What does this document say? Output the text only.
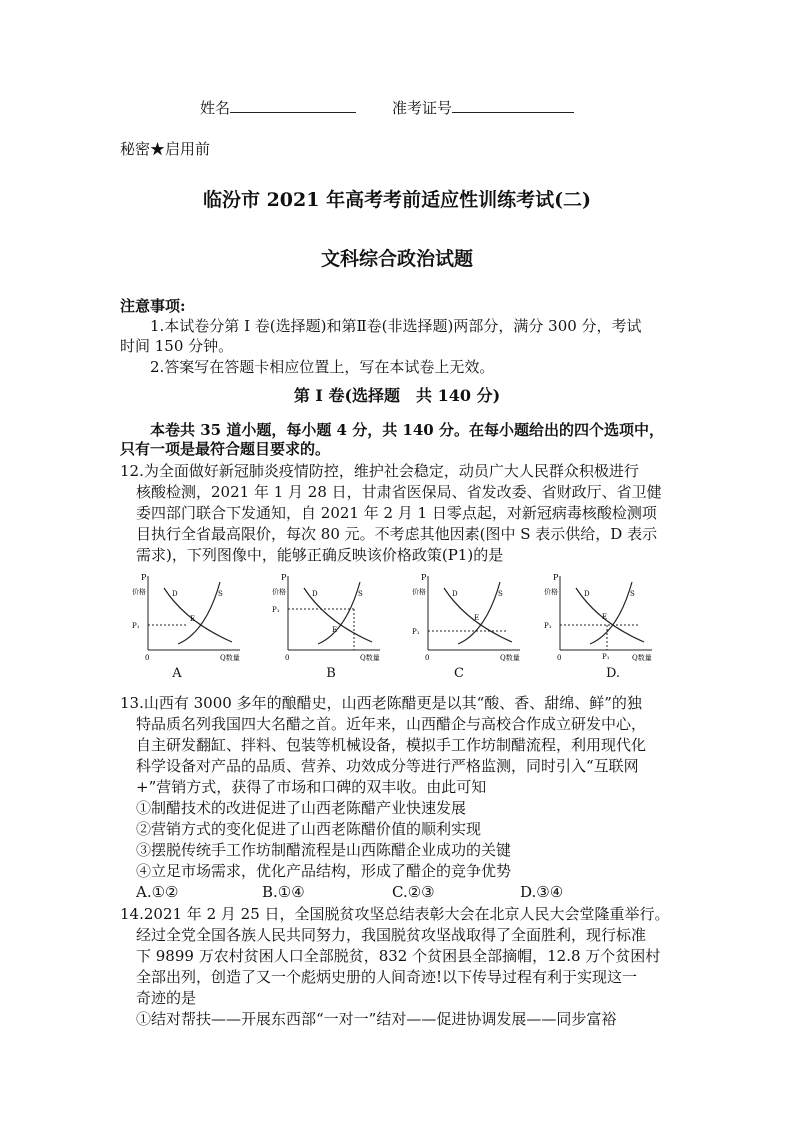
姓名	准考证号
秘密★启用前
临汾市 2021 年高考考前适应性训练考试(二)
文科综合政治试题
注意事项:
1.本试卷分第 I 卷(选择题)和第Ⅱ卷(非选择题)两部分，满分 300 分，考试
时间 150 分钟。
2.答案写在答题卡相应位置上，写在本试卷上无效。
第 I 卷(选择题　共 140 分)
本卷共 35 道小题，每小题 4 分，共 140 分。在每小题给出的四个选项中，
只有一项是最符合题目要求的。
12.为全面做好新冠肺炎疫情防控，维护社会稳定，动员广大人民群众积极进行
核酸检测，2021 年 1 月 28 日，甘肃省医保局、省发改委、省财政厅、省卫健
委四部门联合下发通知，自 2021 年 2 月 1 日零点起，对新冠病毒核酸检测项
目执行全省最高限价，每次 80 元。不考虑其他因素(图中 S 表示供给，D 表示
需求)，下列图像中，能够正确反映该价格政策(P1)的是
P
价格
P₁
0	Q数量
D	S
E
A
P
价格
P₁
0	Q数量
D	S
E
B
P
价格
P₁
0	Q数量
D	S
E
C
P
价格
P₁
0	Q数量
D	S
E
P₁
D.
13.山西有 3000 多年的酿醋史，山西老陈醋更是以其“酸、香、甜绵、鲜”的独
特品质名列我国四大名醋之首。近年来，山西醋企与高校合作成立研发中心，
自主研发翻缸、拌料、包装等机械设备，模拟手工作坊制醋流程，利用现代化
科学设备对产品的品质、营养、功效成分等进行严格监测，同时引入“互联网
+”营销方式，获得了市场和口碑的双丰收。由此可知
①制醋技术的改进促进了山西老陈醋产业快速发展
②营销方式的变化促进了山西老陈醋价值的顺利实现
③摆脱传统手工作坊制醋流程是山西陈醋企业成功的关键
④立足市场需求，优化产品结构，形成了醋企的竞争优势
A.①②	B.①④	C.②③	D.③④
14.2021 年 2 月 25 日，全国脱贫攻坚总结表彰大会在北京人民大会堂隆重举行。
经过全党全国各族人民共同努力，我国脱贫攻坚战取得了全面胜利，现行标准
下 9899 万农村贫困人口全部脱贫，832 个贫困县全部摘帽，12.8 万个贫困村
全部出列，创造了又一个彪炳史册的人间奇迹!以下传导过程有利于实现这一
奇迹的是
①结对帮扶——开展东西部“一对一”结对——促进协调发展——同步富裕
